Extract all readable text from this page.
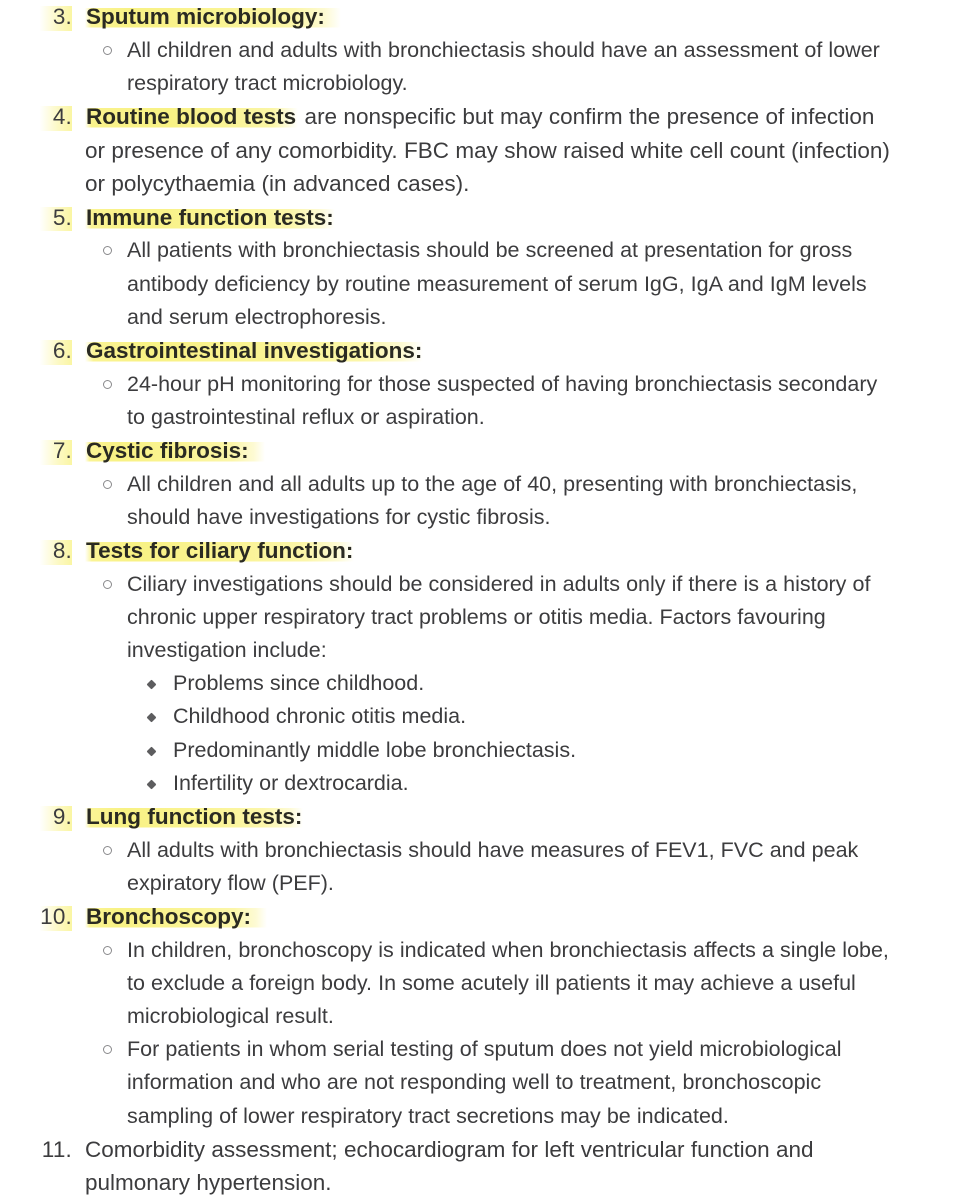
3. Sputum microbiology:
All children and adults with bronchiectasis should have an assessment of lower respiratory tract microbiology.
4. Routine blood tests are nonspecific but may confirm the presence of infection or presence of any comorbidity. FBC may show raised white cell count (infection) or polycythaemia (in advanced cases).
5. Immune function tests:
All patients with bronchiectasis should be screened at presentation for gross antibody deficiency by routine measurement of serum IgG, IgA and IgM levels and serum electrophoresis.
6. Gastrointestinal investigations:
24-hour pH monitoring for those suspected of having bronchiectasis secondary to gastrointestinal reflux or aspiration.
7. Cystic fibrosis:
All children and all adults up to the age of 40, presenting with bronchiectasis, should have investigations for cystic fibrosis.
8. Tests for ciliary function:
Ciliary investigations should be considered in adults only if there is a history of chronic upper respiratory tract problems or otitis media. Factors favouring investigation include:
Problems since childhood.
Childhood chronic otitis media.
Predominantly middle lobe bronchiectasis.
Infertility or dextrocardia.
9. Lung function tests:
All adults with bronchiectasis should have measures of FEV1, FVC and peak expiratory flow (PEF).
10. Bronchoscopy:
In children, bronchoscopy is indicated when bronchiectasis affects a single lobe, to exclude a foreign body. In some acutely ill patients it may achieve a useful microbiological result.
For patients in whom serial testing of sputum does not yield microbiological information and who are not responding well to treatment, bronchoscopic sampling of lower respiratory tract secretions may be indicated.
11. Comorbidity assessment; echocardiogram for left ventricular function and pulmonary hypertension.
